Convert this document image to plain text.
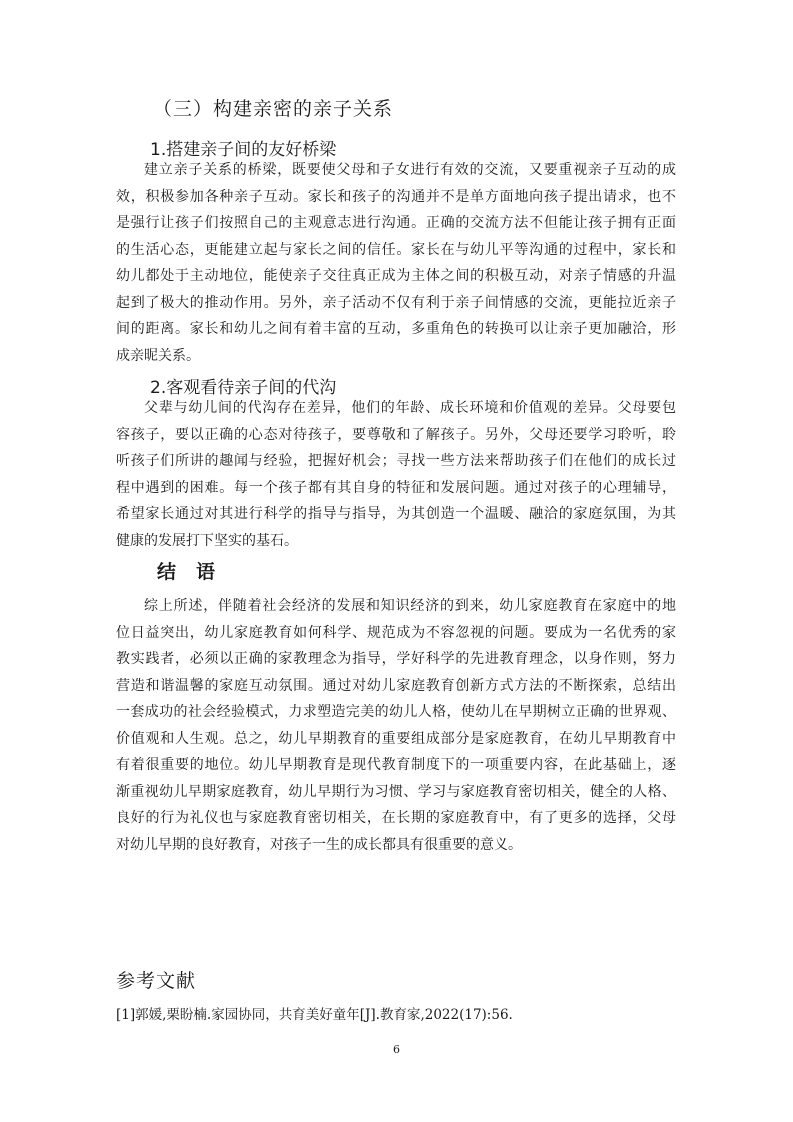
（三）构建亲密的亲子关系
1.搭建亲子间的友好桥梁
建立亲子关系的桥梁，既要使父母和子女进行有效的交流，又要重视亲子互动的成
效，积极参加各种亲子互动。家长和孩子的沟通并不是单方面地向孩子提出请求，也不
是强行让孩子们按照自己的主观意志进行沟通。正确的交流方法不但能让孩子拥有正面
的生活心态，更能建立起与家长之间的信任。家长在与幼儿平等沟通的过程中，家长和
幼儿都处于主动地位，能使亲子交往真正成为主体之间的积极互动，对亲子情感的升温
起到了极大的推动作用。另外，亲子活动不仅有利于亲子间情感的交流，更能拉近亲子
间的距离。家长和幼儿之间有着丰富的互动，多重角色的转换可以让亲子更加融洽，形
成亲昵关系。
2.客观看待亲子间的代沟
父辈与幼儿间的代沟存在差异，他们的年龄、成长环境和价值观的差异。父母要包
容孩子，要以正确的心态对待孩子，要尊敬和了解孩子。另外，父母还要学习聆听，聆
听孩子们所讲的趣闻与经验，把握好机会；寻找一些方法来帮助孩子们在他们的成长过
程中遇到的困难。每一个孩子都有其自身的特征和发展问题。通过对孩子的心理辅导，
希望家长通过对其进行科学的指导与指导，为其创造一个温暖、融洽的家庭氛围，为其
健康的发展打下坚实的基石。
结语
综上所述，伴随着社会经济的发展和知识经济的到来，幼儿家庭教育在家庭中的地
位日益突出，幼儿家庭教育如何科学、规范成为不容忽视的问题。要成为一名优秀的家
教实践者，必须以正确的家教理念为指导，学好科学的先进教育理念，以身作则，努力
营造和谐温馨的家庭互动氛围。通过对幼儿家庭教育创新方式方法的不断探索，总结出
一套成功的社会经验模式，力求塑造完美的幼儿人格，使幼儿在早期树立正确的世界观、
价值观和人生观。总之，幼儿早期教育的重要组成部分是家庭教育，在幼儿早期教育中
有着很重要的地位。幼儿早期教育是现代教育制度下的一项重要内容，在此基础上，逐
渐重视幼儿早期家庭教育，幼儿早期行为习惯、学习与家庭教育密切相关，健全的人格、
良好的行为礼仪也与家庭教育密切相关，在长期的家庭教育中，有了更多的选择，父母
对幼儿早期的良好教育，对孩子一生的成长都具有很重要的意义。
参考文献
[1]郭媛,栗盼楠.家园协同，共育美好童年[J].教育家,2022(17):56.
6
